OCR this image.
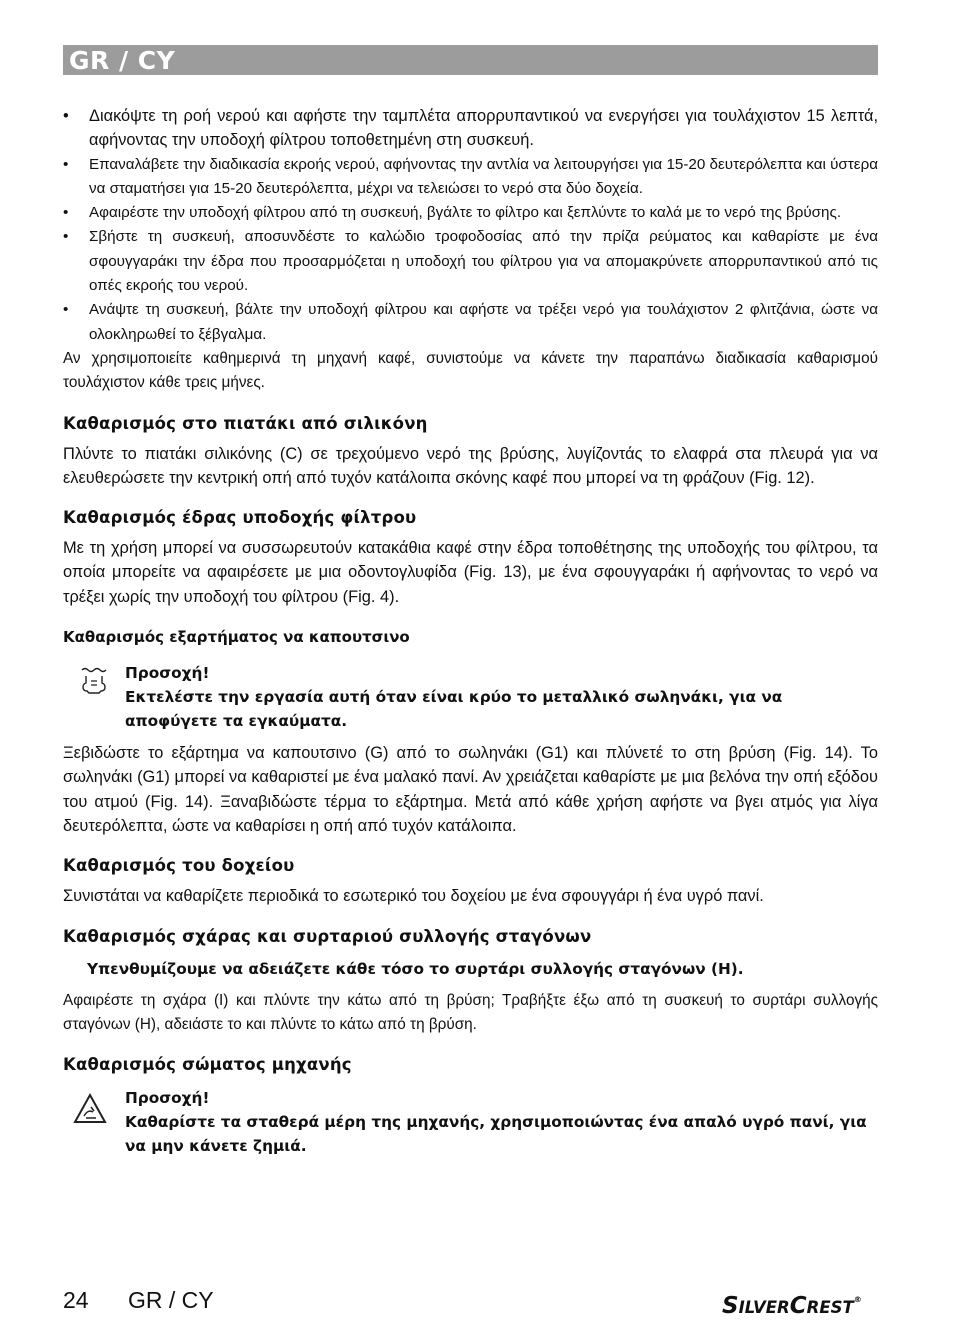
GR / CY
• Διακόψτε τη ροή νερού και αφήστε την ταμπλέτα απορρυπαντικού να ενεργήσει για τουλάχιστον 15 λεπτά, αφήνοντας την υποδοχή φίλτρου τοποθετημένη στη συσκευή.
• Επαναλάβετε την διαδικασία εκροής νερού, αφήνοντας την αντλία να λειτουργήσει για 15-20 δευτερόλεπτα και ύστερα να σταματήσει για 15-20 δευτερόλεπτα, μέχρι να τελειώσει το νερό στα δύο δοχεία.
• Αφαιρέστε την υποδοχή φίλτρου από τη συσκευή, βγάλτε το φίλτρο και ξεπλύντε το καλά με το νερό της βρύσης.
• Σβήστε τη συσκευή, αποσυνδέστε το καλώδιο τροφοδοσίας από την πρίζα ρεύματος και καθαρίστε με ένα σφουγγαράκι την έδρα που προσαρμόζεται η υποδοχή του φίλτρου για να απομακρύνετε απορρυπαντικού από τις οπές εκροής του νερού.
• Ανάψτε τη συσκευή, βάλτε την υποδοχή φίλτρου και αφήστε να τρέξει νερό για τουλάχιστον 2 φλιτζάνια, ώστε να ολοκληρωθεί το ξέβγαλμα.

Αν χρησιμοποιείτε καθημερινά τη μηχανή καφέ, συνιστούμε να κάνετε την παραπάνω διαδικασία καθαρισμού τουλάχιστον κάθε τρεις μήνες.

Καθαρισμός στο πιατάκι από σιλικόνη

Πλύντε το πιατάκι σιλικόνης (C) σε τρεχούμενο νερό της βρύσης, λυγίζοντάς το ελαφρά στα πλευρά για να ελευθερώσετε την κεντρική οπή από τυχόν κατάλοιπα σκόνης καφέ που μπορεί να τη φράζουν (Fig. 12).

Καθαρισμός έδρας υποδοχής φίλτρου

Με τη χρήση μπορεί να συσσωρευτούν κατακάθια καφέ στην έδρα τοποθέτησης της υποδοχής του φίλτρου, τα οποία μπορείτε να αφαιρέσετε με μια οδοντογλυφίδα (Fig. 13), με ένα σφουγγαράκι ή αφήνοντας το νερό να τρέξει χωρίς την υποδοχή του φίλτρου (Fig. 4).

Καθαρισμός εξαρτήματος να καπουτσινο
Προσοχή!
Εκτελέστε την εργασία αυτή όταν είναι κρύο το μεταλλικό σωληνάκι, για να αποφύγετε τα εγκαύματα.

Ξεβιδώστε το εξάρτημα να καπουτσινο (G) από το σωληνάκι (G1) και πλύνετέ το στη βρύση (Fig. 14). Το σωληνάκι (G1) μπορεί να καθαριστεί με ένα μαλακό πανί. Αν χρειάζεται καθαρίστε με μια βελόνα την οπή εξόδου του ατμού (Fig. 14). Ξαναβιδώστε τέρμα το εξάρτημα. Μετά από κάθε χρήση αφήστε να βγει ατμός για λίγα δευτερόλεπτα, ώστε να καθαρίσει η οπή από τυχόν κατάλοιπα.

Καθαρισμός του δοχείου

Συνιστάται να καθαρίζετε περιοδικά το εσωτερικό του δοχείου με ένα σφουγγάρι ή ένα υγρό πανί.

Καθαρισμός σχάρας και συρταριού συλλογής σταγόνων
Υπενθυμίζουμε να αδειάζετε κάθε τόσο το συρτάρι συλλογής σταγόνων (H).

Αφαιρέστε τη σχάρα (I) και πλύντε την κάτω από τη βρύση; Τραβήξτε έξω από τη συσκευή το συρτάρι συλλογής σταγόνων (H), αδειάστε το και πλύντε το κάτω από τη βρύση.

Καθαρισμός σώματος μηχανής
Προσοχή!
Καθαρίστε τα σταθερά μέρη της μηχανής, χρησιμοποιώντας ένα απαλό υγρό πανί, για να μην κάνετε ζημιά.
24 GR / CY	SILVERCREST®
